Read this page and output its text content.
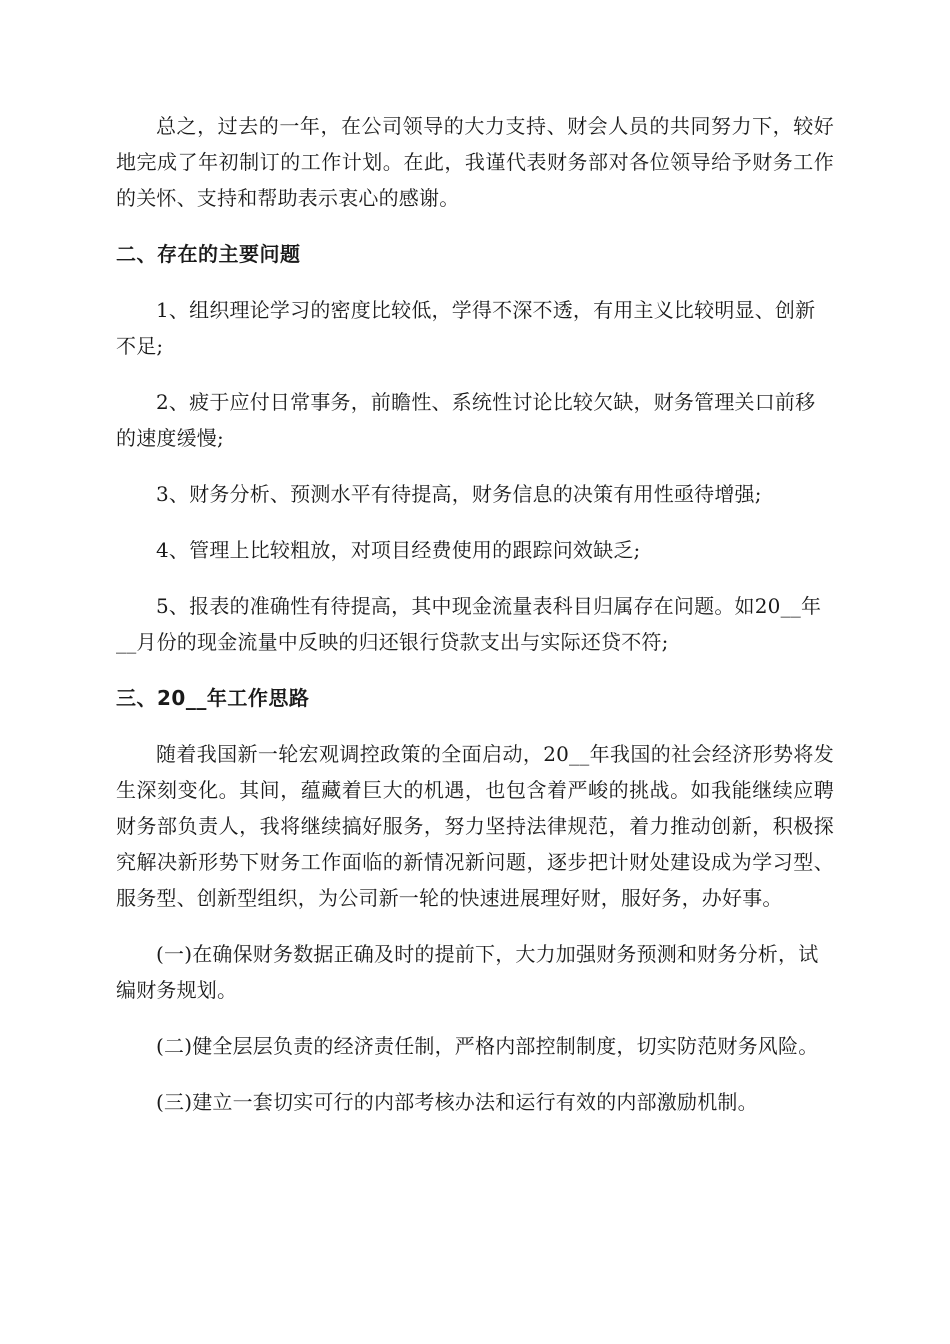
总之，过去的一年，在公司领导的大力支持、财会人员的共同努力下，较好地完成了年初制订的工作计划。在此，我谨代表财务部对各位领导给予财务工作的关怀、支持和帮助表示衷心的感谢。

二、存在的主要问题

1、组织理论学习的密度比较低，学得不深不透，有用主义比较明显、创新不足;

2、疲于应付日常事务，前瞻性、系统性讨论比较欠缺，财务管理关口前移的速度缓慢;

3、财务分析、预测水平有待提高，财务信息的决策有用性亟待增强;

4、管理上比较粗放，对项目经费使用的跟踪问效缺乏;

5、报表的准确性有待提高，其中现金流量表科目归属存在问题。如20__年__月份的现金流量中反映的归还银行贷款支出与实际还贷不符;

三、20__年工作思路

随着我国新一轮宏观调控政策的全面启动，20__年我国的社会经济形势将发生深刻变化。其间，蕴藏着巨大的机遇，也包含着严峻的挑战。如我能继续应聘财务部负责人，我将继续搞好服务，努力坚持法律规范，着力推动创新，积极探究解决新形势下财务工作面临的新情况新问题，逐步把计财处建设成为学习型、服务型、创新型组织，为公司新一轮的快速进展理好财，服好务，办好事。

(一)在确保财务数据正确及时的提前下，大力加强财务预测和财务分析，试编财务规划。

(二)健全层层负责的经济责任制，严格内部控制制度，切实防范财务风险。

(三)建立一套切实可行的内部考核办法和运行有效的内部激励机制。
